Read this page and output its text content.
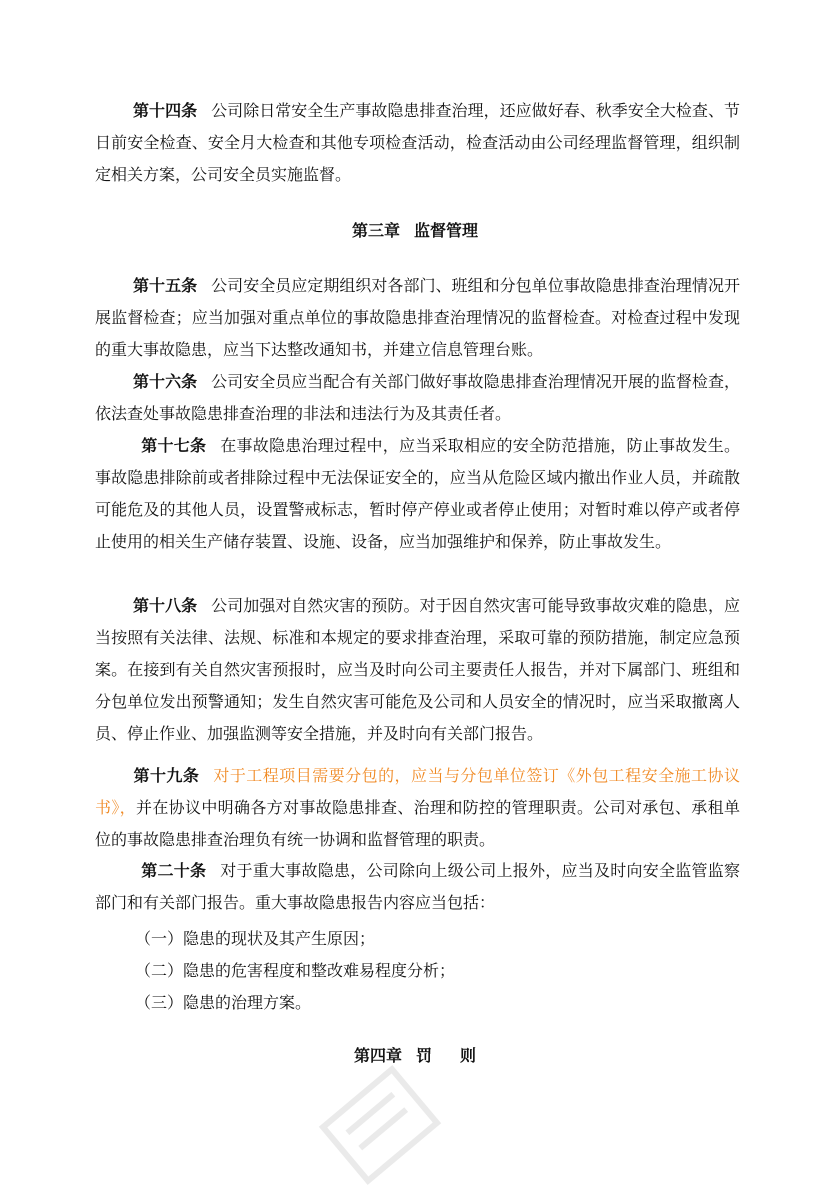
第十四条 公司除日常安全生产事故隐患排查治理，还应做好春、秋季安全大检查、节日前安全检查、安全月大检查和其他专项检查活动，检查活动由公司经理监督管理，组织制定相关方案，公司安全员实施监督。

第三章 监督管理

第十五条 公司安全员应定期组织对各部门、班组和分包单位事故隐患排查治理情况开展监督检查；应当加强对重点单位的事故隐患排查治理情况的监督检查。对检查过程中发现的重大事故隐患，应当下达整改通知书，并建立信息管理台账。

第十六条 公司安全员应当配合有关部门做好事故隐患排查治理情况开展的监督检查，依法查处事故隐患排查治理的非法和违法行为及其责任者。

第十七条 在事故隐患治理过程中，应当采取相应的安全防范措施，防止事故发生。事故隐患排除前或者排除过程中无法保证安全的，应当从危险区域内撤出作业人员，并疏散可能危及的其他人员，设置警戒标志，暂时停产停业或者停止使用；对暂时难以停产或者停止使用的相关生产储存装置、设施、设备，应当加强维护和保养，防止事故发生。

第十八条 公司加强对自然灾害的预防。对于因自然灾害可能导致事故灾难的隐患，应当按照有关法律、法规、标准和本规定的要求排查治理，采取可靠的预防措施，制定应急预案。在接到有关自然灾害预报时，应当及时向公司主要责任人报告，并对下属部门、班组和分包单位发出预警通知；发生自然灾害可能危及公司和人员安全的情况时，应当采取撤离人员、停止作业、加强监测等安全措施，并及时向有关部门报告。

第十九条 对于工程项目需要分包的，应当与分包单位签订《外包工程安全施工协议书》，并在协议中明确各方对事故隐患排查、治理和防控的管理职责。公司对承包、承租单位的事故隐患排查治理负有统一协调和监督管理的职责。

第二十条 对于重大事故隐患，公司除向上级公司上报外，应当及时向安全监管监察部门和有关部门报告。重大事故隐患报告内容应当包括：

（一）隐患的现状及其产生原因；

（二）隐患的危害程度和整改难易程度分析；

（三）隐患的治理方案。

第四章 罚 则
